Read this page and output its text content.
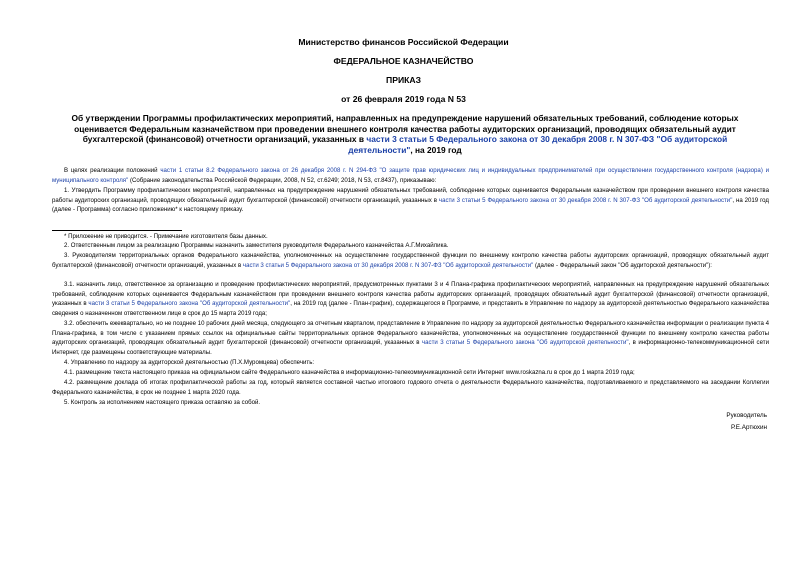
Министерство финансов Российской Федерации
ФЕДЕРАЛЬНОЕ КАЗНАЧЕЙСТВО
ПРИКАЗ
от 26 февраля 2019 года N 53
Об утверждении Программы профилактических мероприятий, направленных на предупреждение нарушений обязательных требований, соблюдение которых оценивается Федеральным казначейством при проведении внешнего контроля качества работы аудиторских организаций, проводящих обязательный аудит бухгалтерской (финансовой) отчетности организаций, указанных в части 3 статьи 5 Федерального закона от 30 декабря 2008 г. N 307-ФЗ "Об аудиторской деятельности", на 2019 год
В целях реализации положений части 1 статьи 8.2 Федерального закона от 26 декабря 2008 г. N 294-ФЗ "О защите прав юридических лиц и индивидуальных предпринимателей при осуществлении государственного контроля (надзора) и муниципального контроля" (Собрание законодательства Российской Федерации, 2008, N 52, ст.6249; 2018, N 53, ст.8437), приказываю:
1. Утвердить Программу профилактических мероприятий, направленных на предупреждение нарушений обязательных требований, соблюдение которых оценивается Федеральным казначейством при проведении внешнего контроля качества работы аудиторских организаций, проводящих обязательный аудит бухгалтерской (финансовой) отчетности организаций, указанных в части 3 статьи 5 Федерального закона от 30 декабря 2008 г. N 307-ФЗ "Об аудиторской деятельности", на 2019 год (далее - Программа) согласно приложению* к настоящему приказу.
* Приложение не приводится. - Примечание изготовителя базы данных.
2. Ответственным лицом за реализацию Программы назначить заместителя руководителя Федерального казначейства А.Г.Михайлика.
3. Руководителям территориальных органов Федерального казначейства, уполномоченных на осуществление государственной функции по внешнему контролю качества работы аудиторских организаций, проводящих обязательный аудит бухгалтерской (финансовой) отчетности организаций, указанных в части 3 статьи 5 Федерального закона от 30 декабря 2008 г. N 307-ФЗ "Об аудиторской деятельности" (далее - Федеральный закон "Об аудиторской деятельности"):
3.1. назначить лицо, ответственное за организацию и проведение профилактических мероприятий, предусмотренных пунктами 3 и 4 Плана-графика профилактических мероприятий, направленных на предупреждение нарушений обязательных требований, соблюдение которых оценивается Федеральным казначейством при проведении внешнего контроля качества работы аудиторских организаций, проводящих обязательный аудит бухгалтерской (финансовой) отчетности организаций, указанных в части 3 статьи 5 Федерального закона "Об аудиторской деятельности", на 2019 год (далее - План-график), содержащегося в Программе, и представить в Управление по надзору за аудиторской деятельностью Федерального казначейства сведения о назначенном ответственном лице в срок до 15 марта 2019 года;
3.2. обеспечить ежеквартально, но не позднее 10 рабочих дней месяца, следующего за отчетным кварталом, представление в Управление по надзору за аудиторской деятельностью Федерального казначейства информации о реализации пункта 4 Плана-графика, в том числе с указанием прямых ссылок на официальные сайты территориальных органов Федерального казначейства, уполномоченных на осуществление государственной функции по внешнему контролю качества работы аудиторских организаций, проводящих обязательный аудит бухгалтерской (финансовой) отчетности организаций, указанных в части 3 статьи 5 Федерального закона "Об аудиторской деятельности", в информационно-телекоммуникационной сети Интернет, где размещены соответствующие материалы.
4. Управлению по надзору за аудиторской деятельностью (П.Х.Муромцева) обеспечить:
4.1. размещение текста настоящего приказа на официальном сайте Федерального казначейства в информационно-телекоммуникационной сети Интернет www.roskazna.ru в срок до 1 марта 2019 года;
4.2. размещение доклада об итогах профилактической работы за год, который является составной частью итогового годового отчета о деятельности Федерального казначейства, подготавливаемого и представляемого на заседании Коллегии Федерального казначейства, в срок не позднее 1 марта 2020 года.
5. Контроль за исполнением настоящего приказа оставляю за собой.
Руководитель
Р.Е.Артюхин
